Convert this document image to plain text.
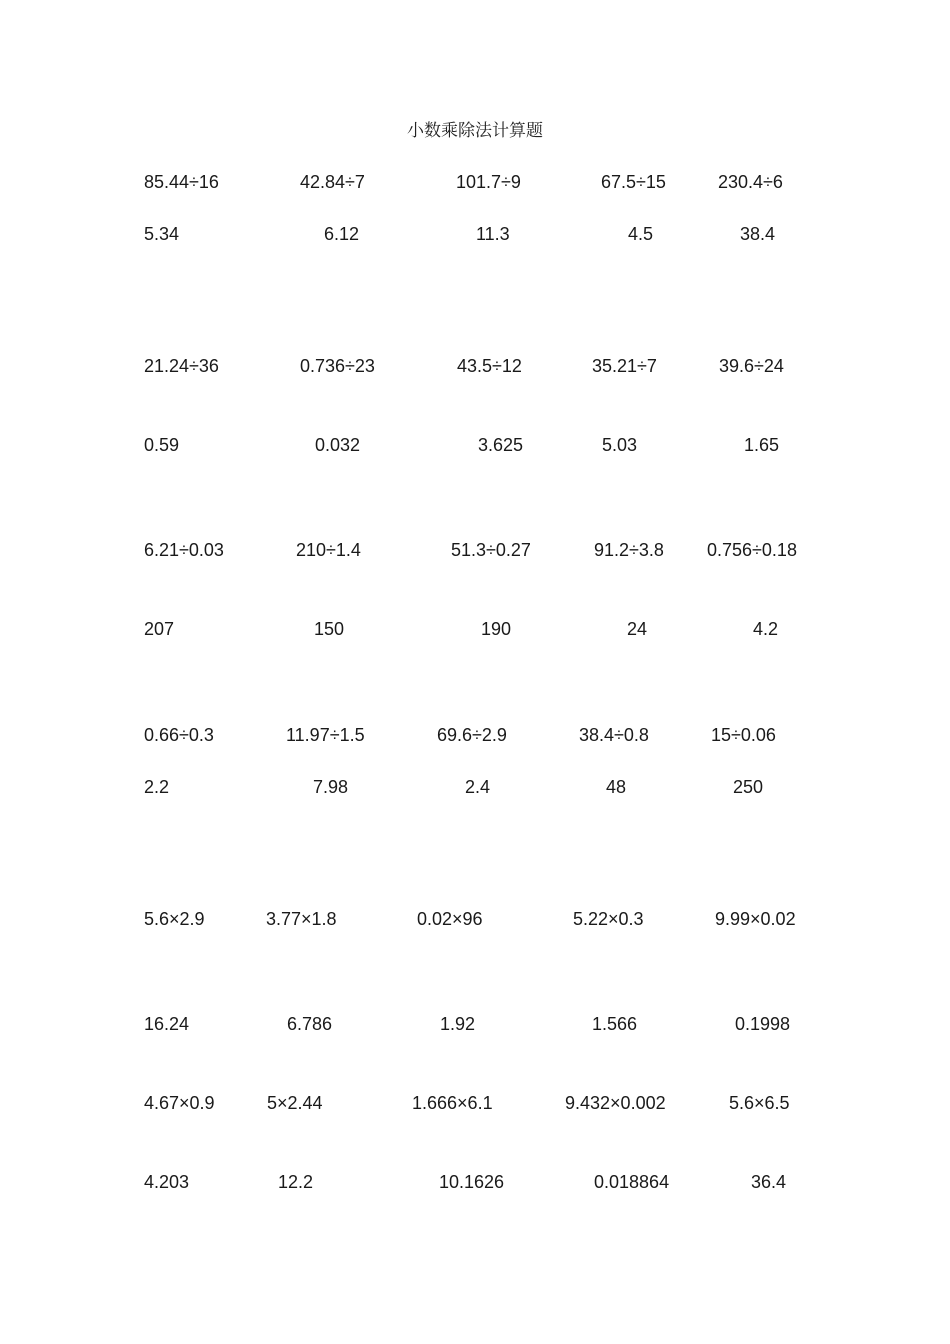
小数乘除法计算题
85.44÷16	42.84÷7	101.7÷9	67.5÷15	230.4÷6
5.34	6.12	11.3	4.5	38.4
21.24÷36	0.736÷23	43.5÷12	35.21÷7	39.6÷24
0.59	0.032	3.625	5.03	1.65
6.21÷0.03	210÷1.4	51.3÷0.27	91.2÷3.8 0.756÷0.18
207	150	190	24	4.2
0.66÷0.3	11.97÷1.5	69.6÷2.9	38.4÷0.8	15÷0.06
2.2	7.98	2.4	48	250
5.6×2.9	3.77×1.8	0.02×96	5.22×0.3	9.99×0.02
16.24	6.786	1.92	1.566	0.1998
4.67×0.9	5×2.44	1.666×6.1	9.432×0.002	5.6×6.5
4.203	12.2	10.1626	0.018864	36.4
